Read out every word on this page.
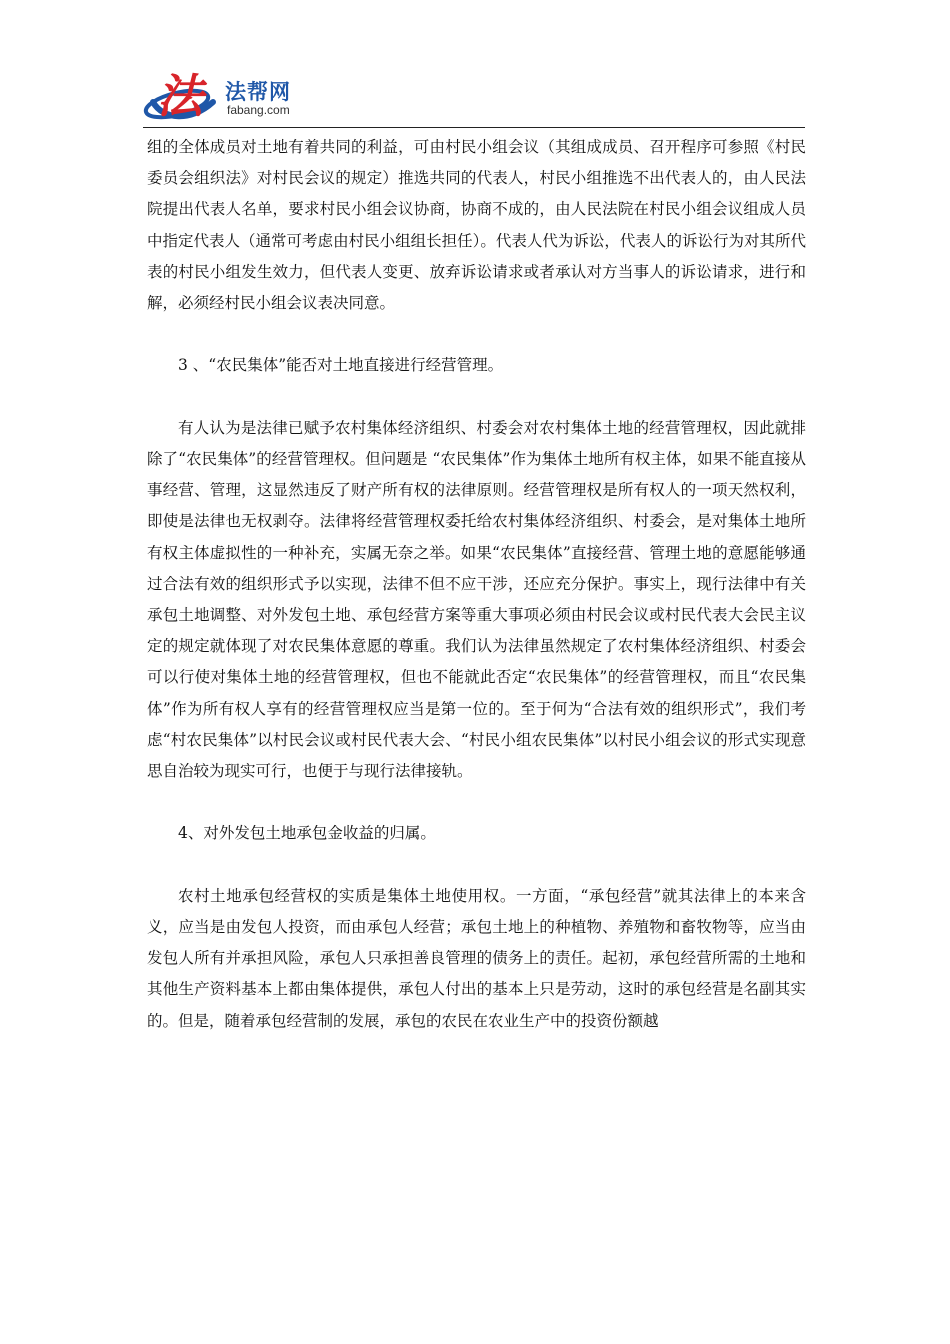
法 法帮网
fabang.com

组的全体成员对土地有着共同的利益，可由村民小组会议（其组成成员、召开程序可参照《村民委员会组织法》对村民会议的规定）推选共同的代表人，村民小组推选不出代表人的，由人民法院提出代表人名单，要求村民小组会议协商，协商不成的，由人民法院在村民小组会议组成人员中指定代表人（通常可考虑由村民小组组长担任）。代表人代为诉讼，代表人的诉讼行为对其所代表的村民小组发生效力，但代表人变更、放弃诉讼请求或者承认对方当事人的诉讼请求，进行和解，必须经村民小组会议表决同意。

3 、“农民集体”能否对土地直接进行经营管理。

有人认为是法律已赋予农村集体经济组织、村委会对农村集体土地的经营管理权，因此就排除了“农民集体”的经营管理权。但问题是 “农民集体”作为集体土地所有权主体，如果不能直接从事经营、管理，这显然违反了财产所有权的法律原则。经营管理权是所有权人的一项天然权利，即使是法律也无权剥夺。法律将经营管理权委托给农村集体经济组织、村委会，是对集体土地所有权主体虚拟性的一种补充，实属无奈之举。如果“农民集体”直接经营、管理土地的意愿能够通过合法有效的组织形式予以实现，法律不但不应干涉，还应充分保护。事实上，现行法律中有关承包土地调整、对外发包土地、承包经营方案等重大事项必须由村民会议或村民代表大会民主议定的规定就体现了对农民集体意愿的尊重。我们认为法律虽然规定了农村集体经济组织、村委会可以行使对集体土地的经营管理权，但也不能就此否定“农民集体”的经营管理权，而且“农民集体”作为所有权人享有的经营管理权应当是第一位的。至于何为“合法有效的组织形式”，我们考虑“村农民集体”以村民会议或村民代表大会、“村民小组农民集体”以村民小组会议的形式实现意思自治较为现实可行，也便于与现行法律接轨。

4、对外发包土地承包金收益的归属。

农村土地承包经营权的实质是集体土地使用权。一方面，“承包经营”就其法律上的本来含义，应当是由发包人投资，而由承包人经营；承包土地上的种植物、养殖物和畜牧物等，应当由发包人所有并承担风险，承包人只承担善良管理的债务上的责任。起初，承包经营所需的土地和其他生产资料基本上都由集体提供，承包人付出的基本上只是劳动，这时的承包经营是名副其实的。但是，随着承包经营制的发展，承包的农民在农业生产中的投资份额越
